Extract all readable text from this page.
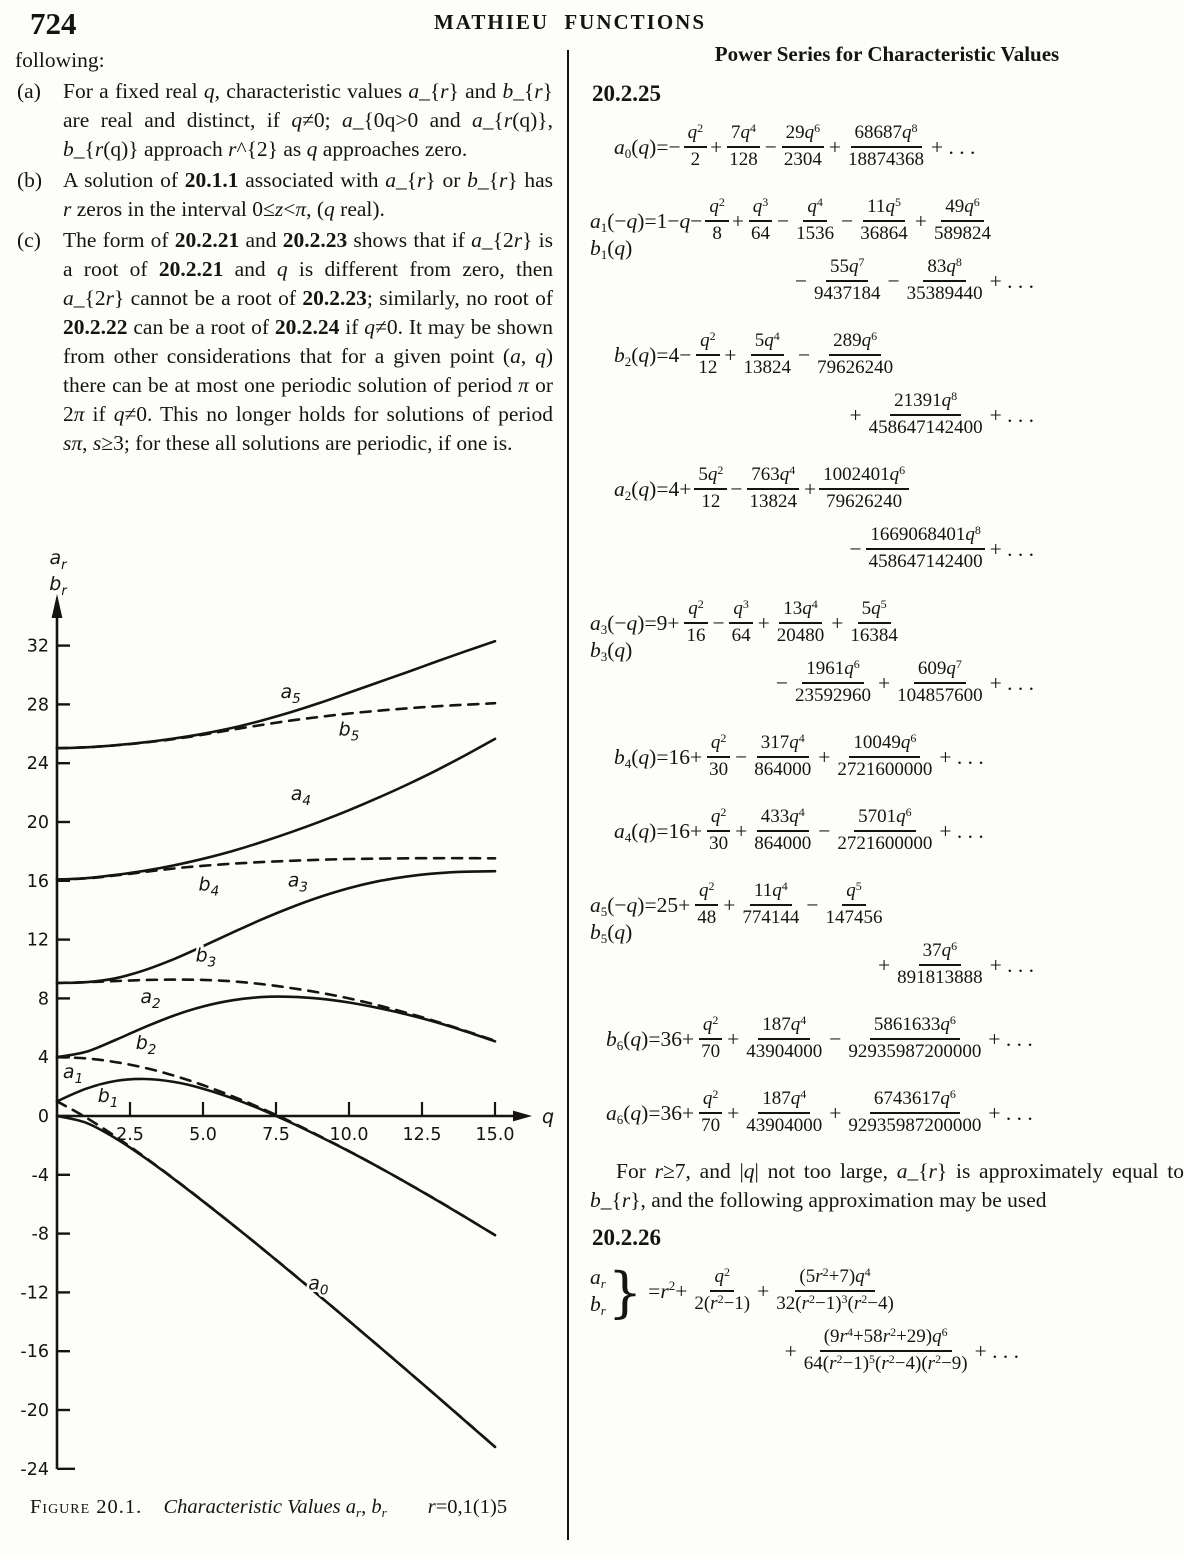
724	MATHIEU FUNCTIONS
following:
(a) For a fixed real q, characteristic values a_{r} and b_{r} are real and distinct, if q≠0; a_{0q>0 and a_{r(q)}, b_{r(q)} approach r^{2} as q approaches zero.
(b) A solution of 20.1.1 associated with a_{r} or b_{r} has r zeros in the interval 0≤z<π, (q real).
(c) The form of 20.2.21 and 20.2.23 shows that if a_{2r} is a root of 20.2.21 and q is different from zero, then a_{2r} cannot be a root of 20.2.23; similarly, no root of 20.2.22 can be a root of 20.2.24 if q≠0. It may be shown from other considerations that for a given point (a, q) there can be at most one periodic solution of period π or 2π if q≠0. This no longer holds for solutions of period sπ, s≥3; for these all solutions are periodic, if one is.
$a_r$
$b_r$
q
2.5	5.0	7.5 10.0 12.5 15.0
32
28
24
20
16
12
8
4
0
-4
-8
-12
-16
-20
-24
$a_5$
$b_5$
$a_4$
$b_4$	$a_3$
$b_3$
$a_2$
$b_2$
$a_1$
$b_1$
$a_0$
Figure 20.1. Characteristic Values $a_r$, $b_r$ r=0,1(1)5
Power Series for Characteristic Values
20.2.25
$a_0(q)=- \frac{q^2}{2} + \frac{7q^4}{128} - \frac{29q^6}{2304} + \frac{68687q^8}{18874368}$ + . . .
$a_1(-q)$
$b_1(q)$
$=1-q- \frac{q^2}{8} + \frac{q^3}{64} - \frac{q^4}{1536} - \frac{11q^5}{36864} + \frac{49q^6}{589824}$
− $\frac{55q^7}{9437184} - \frac{83q^8}{35389440}$ + . . .
$b_2(q)=4- \frac{q^2}{12} + \frac{5q^4}{13824} - \frac{289q^6}{79626240}$
+ $\frac{21391q^8}{458647142400}$ + . . .
$a_2(q)=4+ \frac{5q^2}{12} - \frac{763q^4}{13824} + \frac{1002401q^6}{79626240}$
− $\frac{1669068401q^8}{458647142400}$ + . . .
$a_3(-q)$
$b_3(q)$
$=9+ \frac{q^2}{16} - \frac{q^3}{64} + \frac{13q^4}{20480} + \frac{5q^5}{16384}$
− $\frac{1961q^6}{23592960} + \frac{609q^7}{104857600}$ + . . .
$b_4(q)=16+ \frac{q^2}{30} - \frac{317q^4}{864000} + \frac{10049q^6}{2721600000}$ + . . .
$a_4(q)=16+ \frac{q^2}{30} + \frac{433q^4}{864000} - \frac{5701q^6}{2721600000}$ + . . .
$a_5(-q)$
$b_5(q)$
$=25+ \frac{q^2}{48} + \frac{11q^4}{774144} - \frac{q^5}{147456}$
+ $\frac{37q^6}{891813888}$ + . . .
$b_6(q)=36+ \frac{q^2}{70} + \frac{187q^4}{43904000} - \frac{5861633q^6}{92935987200000}$ + . . .
$a_6(q)=36+ \frac{q^2}{70} + \frac{187q^4}{43904000} + \frac{6743617q^6}{92935987200000}$ + . . .
For r≥7, and |q| not too large, a_{r} is approximately equal to b_{r}, and the following approximation may be used
20.2.26
$a_r$
$b_r$ } $=r^2+ \frac{q^2}{2(r^2-1)} + \frac{(5r^2+7)q^4}{32(r^2-1)^3(r^2-4)}$
+ $\frac{(9r^4+58r^2+29)q^6}{64(r^2-1)^5(r^2-4)(r^2-9)}$ + . . .
